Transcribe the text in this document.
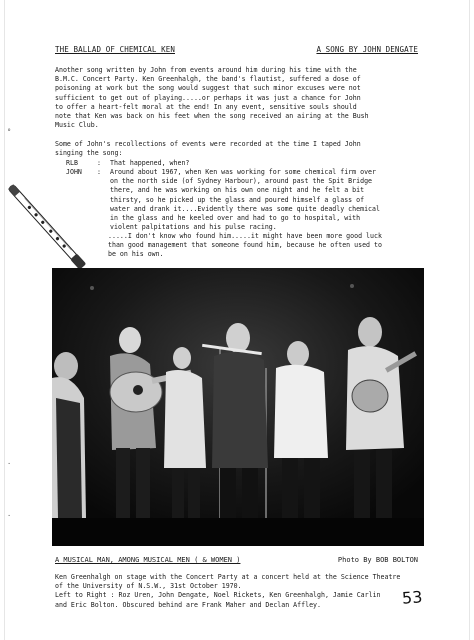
THE BALLAD OF CHEMICAL KEN	A SONG BY JOHN DENGATE
Another song written by John from events around him during his time with the
B.M.C. Concert Party. Ken Greenhalgh, the band's flautist, suffered a dose of
poisoning at work but the song would suggest that such minor excuses were not
sufficient to get out of playing.....or perhaps it was just a chance for John
to offer a heart-felt moral at the end! In any event, sensitive souls should
note that Ken was back on his feet when the song received an airing at the Bush
Music Club.
Some of John's recollections of events were recorded at the time I taped John
singing the song:
RLB	: That happened, when?
JOHN : Around about 1967, when Ken was working for some chemical firm over
on the north side (of Sydney Harbour), around past the Spit Bridge
there, and he was working on his own one night and he felt a bit
thirsty, so he picked up the glass and poured himself a glass of
water and drank it....Evidently there was some quite deadly chemical
in the glass and he keeled over and had to go to hospital, with
violent palpitations and his pulse racing.
.....I don't know who found him.....it might have been more good luck
than good management that someone found him, because he often used to
be on his own.
°
·
·
A MUSICAL MAN, AMONG MUSICAL MEN ( & WOMEN )	Photo By BOB BOLTON
Ken Greenhalgh on stage with the Concert Party at a concert held at the Science Theatre
of the University of N.S.W., 31st October 1970.
Left to Right : Roz Uren, John Dengate, Noel Rickets, Ken Greenhalgh, Jamie Carlin
and Eric Bolton. Obscured behind are Frank Maher and Declan Affley.	53
